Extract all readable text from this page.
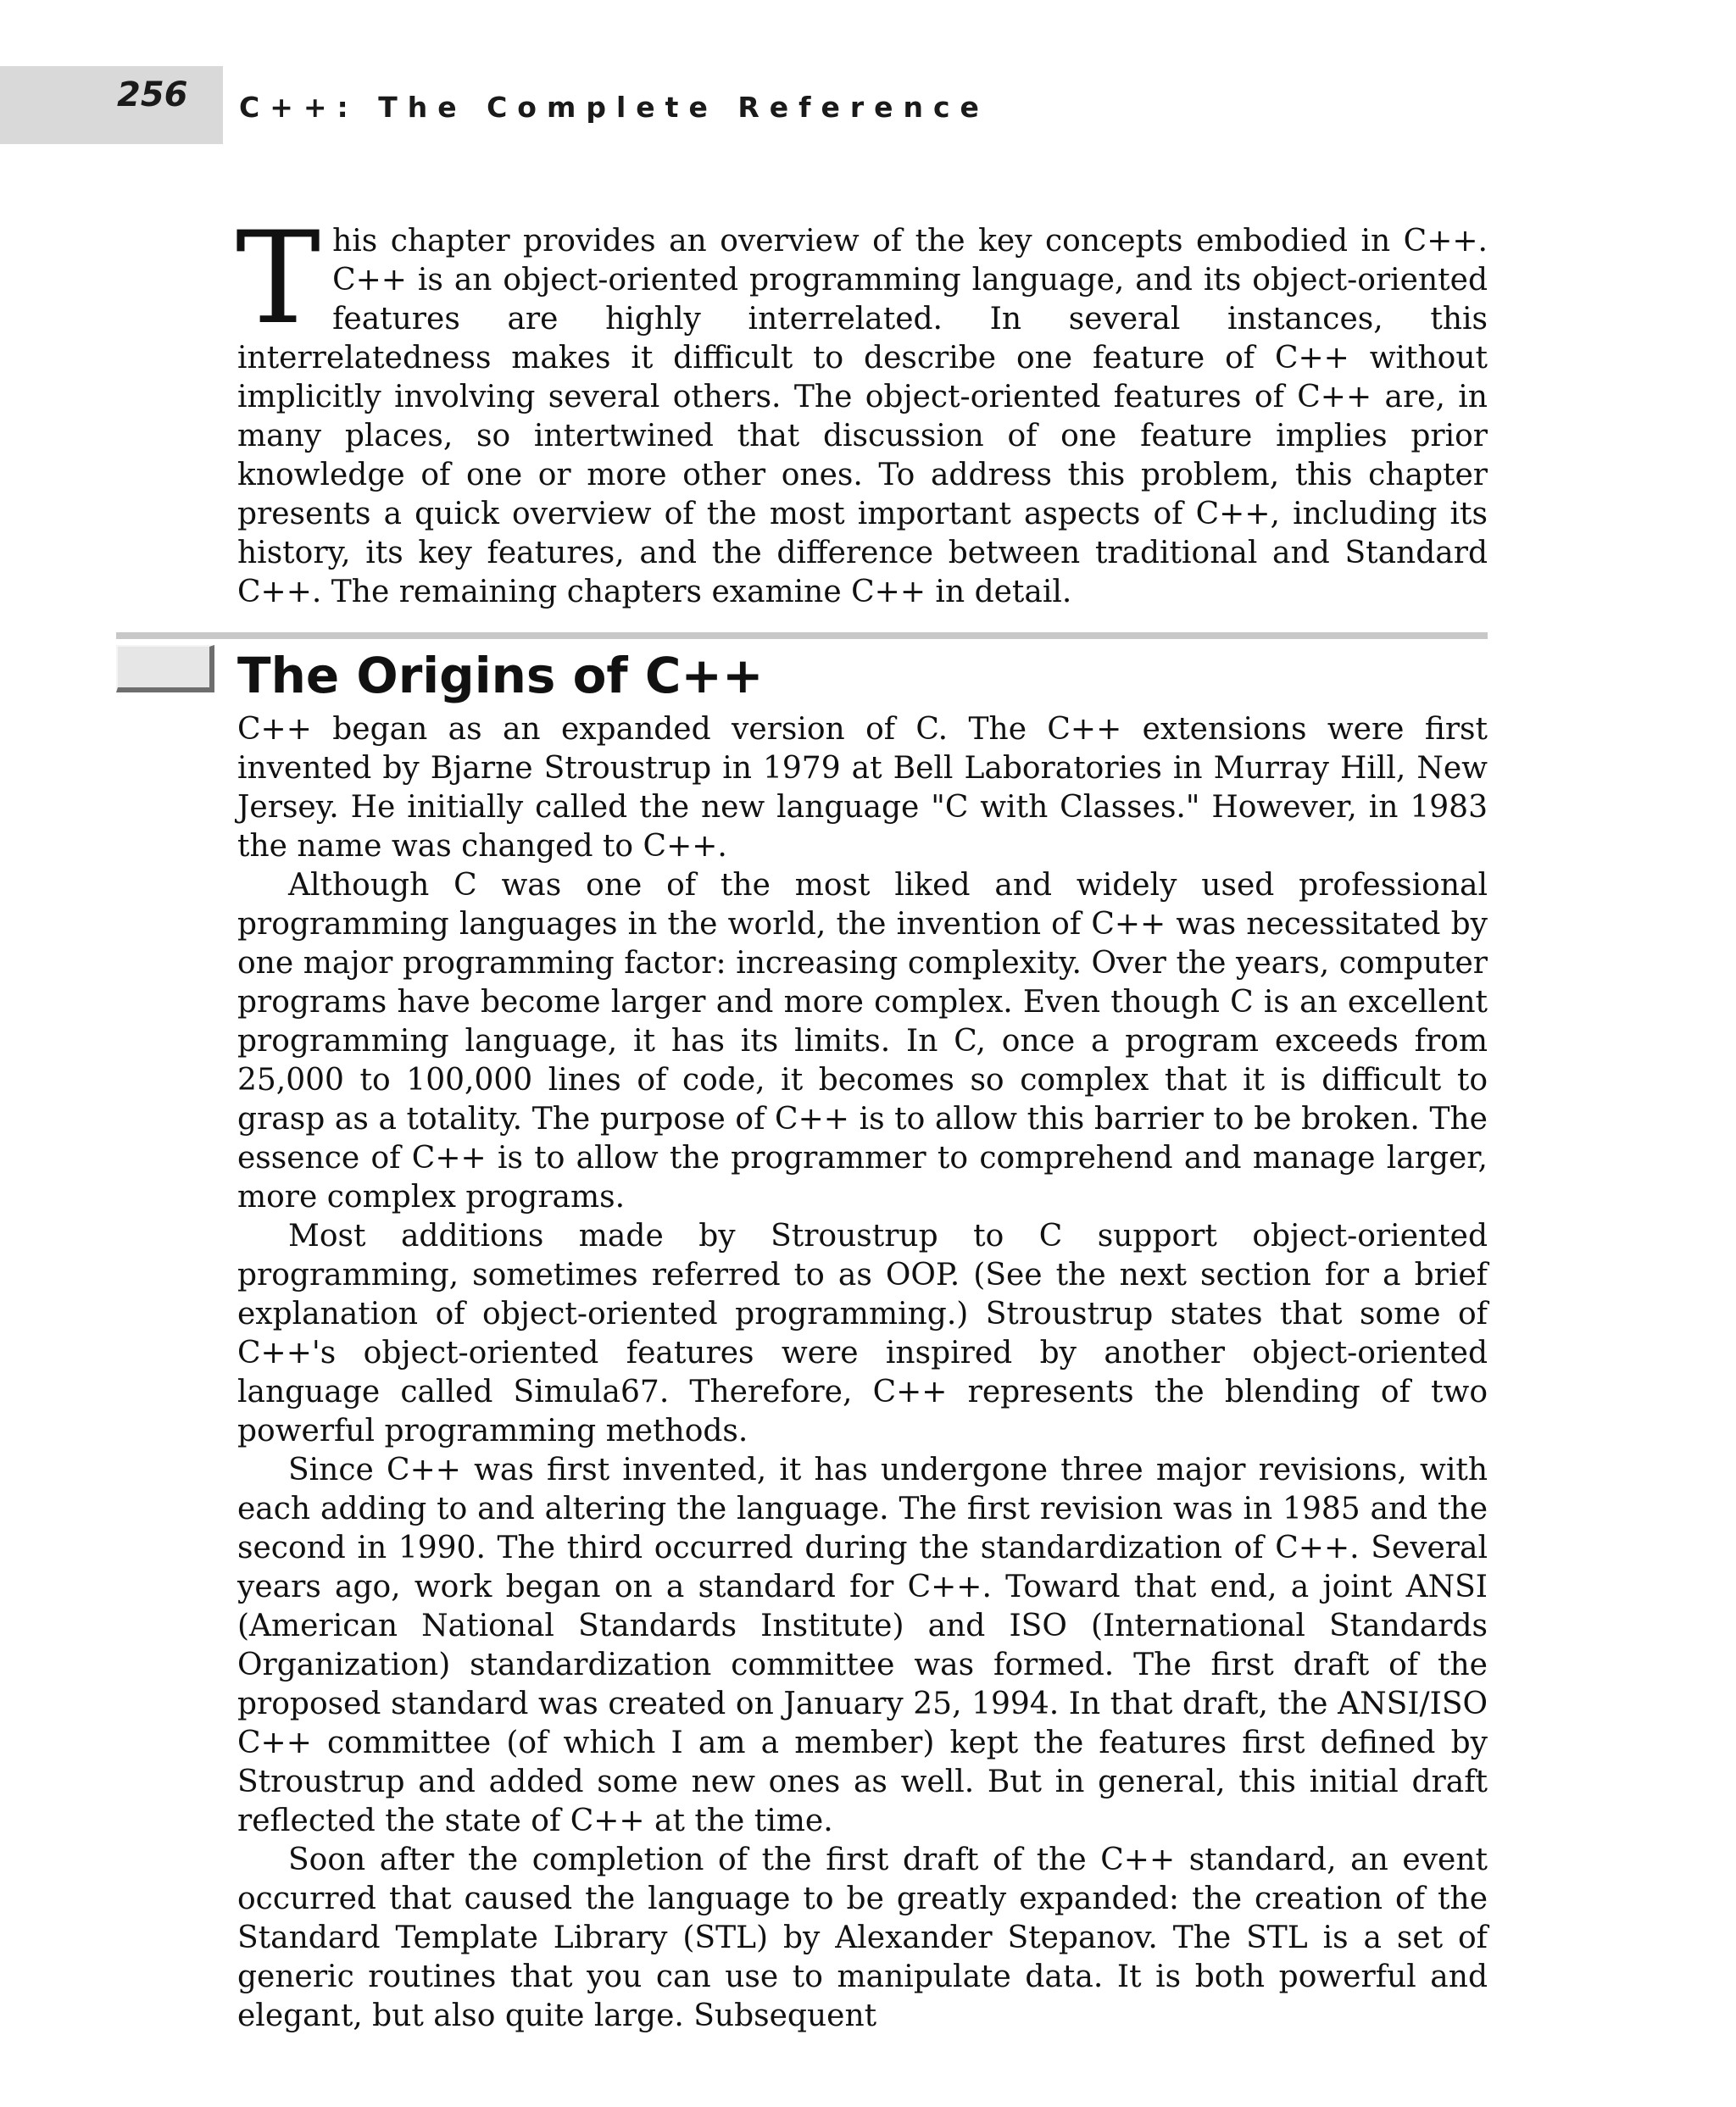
256 C++: The Complete Reference

This chapter provides an overview of the key concepts embodied in C++. C++ is an object-oriented programming language, and its object-oriented features are highly interrelated. In several instances, this interrelatedness makes it difficult to describe one feature of C++ without implicitly involving several others. The object-oriented features of C++ are, in many places, so intertwined that discussion of one feature implies prior knowledge of one or more other ones. To address this problem, this chapter presents a quick overview of the most important aspects of C++, including its history, its key features, and the difference between traditional and Standard C++. The remaining chapters examine C++ in detail.

The Origins of C++

C++ began as an expanded version of C. The C++ extensions were first invented by Bjarne Stroustrup in 1979 at Bell Laboratories in Murray Hill, New Jersey. He initially called the new language "C with Classes." However, in 1983 the name was changed to C++.

Although C was one of the most liked and widely used professional programming languages in the world, the invention of C++ was necessitated by one major programming factor: increasing complexity. Over the years, computer programs have become larger and more complex. Even though C is an excellent programming language, it has its limits. In C, once a program exceeds from 25,000 to 100,000 lines of code, it becomes so complex that it is difficult to grasp as a totality. The purpose of C++ is to allow this barrier to be broken. The essence of C++ is to allow the programmer to comprehend and manage larger, more complex programs.

Most additions made by Stroustrup to C support object-oriented programming, sometimes referred to as OOP. (See the next section for a brief explanation of object-oriented programming.) Stroustrup states that some of C++'s object-oriented features were inspired by another object-oriented language called Simula67. Therefore, C++ represents the blending of two powerful programming methods.

Since C++ was first invented, it has undergone three major revisions, with each adding to and altering the language. The first revision was in 1985 and the second in 1990. The third occurred during the standardization of C++. Several years ago, work began on a standard for C++. Toward that end, a joint ANSI (American National Standards Institute) and ISO (International Standards Organization) standardization committee was formed. The first draft of the proposed standard was created on January 25, 1994. In that draft, the ANSI/ISO C++ committee (of which I am a member) kept the features first defined by Stroustrup and added some new ones as well. But in general, this initial draft reflected the state of C++ at the time.

Soon after the completion of the first draft of the C++ standard, an event occurred that caused the language to be greatly expanded: the creation of the Standard Template Library (STL) by Alexander Stepanov. The STL is a set of generic routines that you can use to manipulate data. It is both powerful and elegant, but also quite large. Subsequent
